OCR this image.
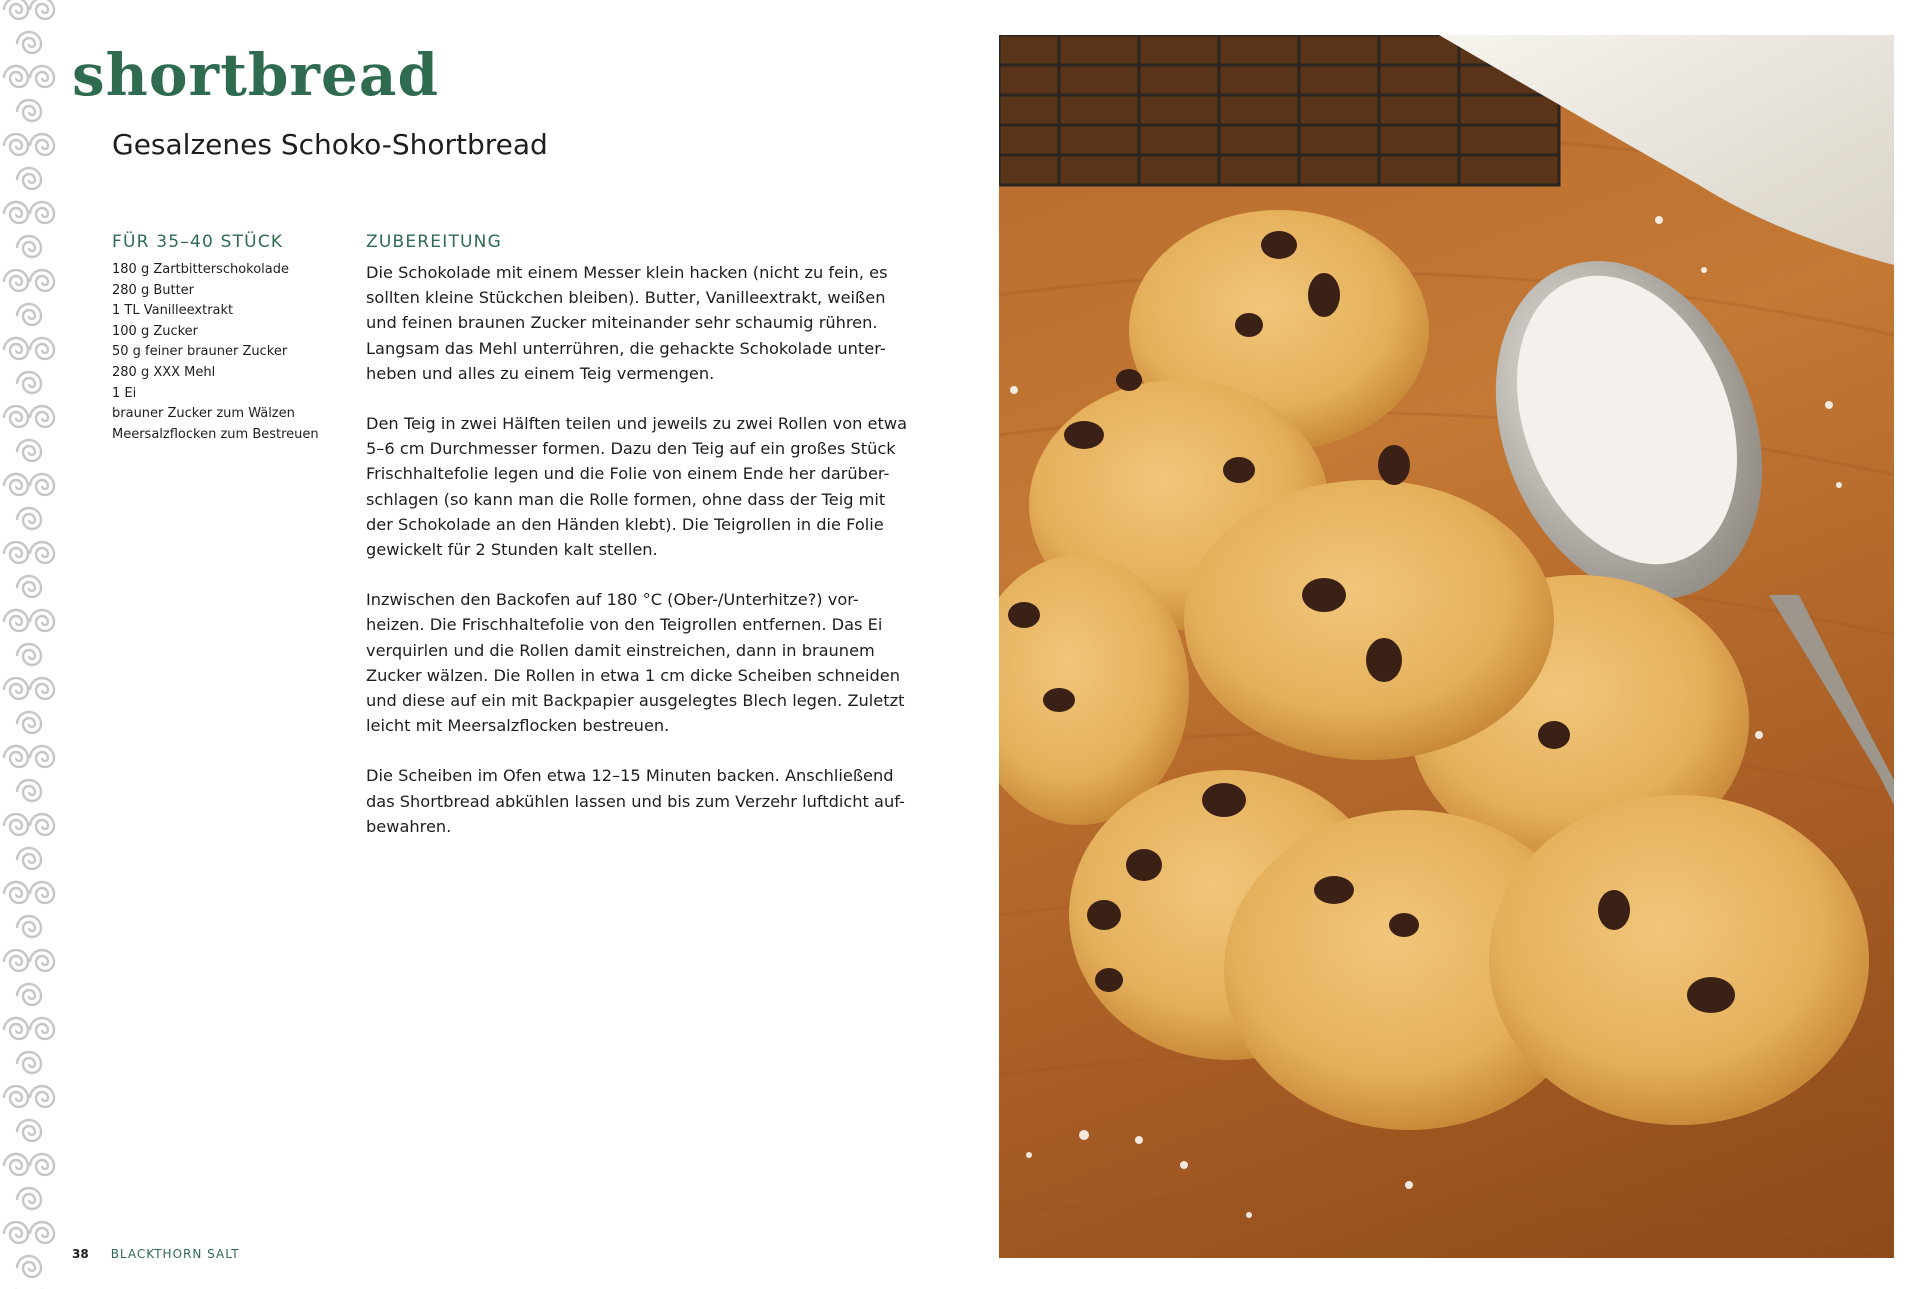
shortbread
Gesalzenes Schoko-Shortbread
FÜR 35–40 STÜCK
180 g Zartbitterschokolade
280 g Butter
1 TL Vanilleextrakt
100 g Zucker
50 g feiner brauner Zucker
280 g XXX Mehl
1 Ei
brauner Zucker zum Wälzen
Meersalzflocken zum Bestreuen
ZUBEREITUNG

Die Schokolade mit einem Messer klein hacken (nicht zu fein, es
sollten kleine Stückchen bleiben). Butter, Vanilleextrakt, weißen
und feinen braunen Zucker miteinander sehr schaumig rühren.
Langsam das Mehl unterrühren, die gehackte Schokolade unter-
heben und alles zu einem Teig vermengen.

Den Teig in zwei Hälften teilen und jeweils zu zwei Rollen von etwa
5–6 cm Durchmesser formen. Dazu den Teig auf ein großes Stück
Frischhaltefolie legen und die Folie von einem Ende her darüber-
schlagen (so kann man die Rolle formen, ohne dass der Teig mit
der Schokolade an den Händen klebt). Die Teigrollen in die Folie
gewickelt für 2 Stunden kalt stellen.

Inzwischen den Backofen auf 180 °C (Ober-/Unterhitze?) vor-
heizen. Die Frischhaltefolie von den Teigrollen entfernen. Das Ei
verquirlen und die Rollen damit einstreichen, dann in braunem
Zucker wälzen. Die Rollen in etwa 1 cm dicke Scheiben schneiden
und diese auf ein mit Backpapier ausgelegtes Blech legen. Zuletzt
leicht mit Meersalzflocken bestreuen.

Die Scheiben im Ofen etwa 12–15 Minuten backen. Anschließend
das Shortbread abkühlen lassen und bis zum Verzehr luftdicht auf-
bewahren.

38 BLACKTHORN SALT
